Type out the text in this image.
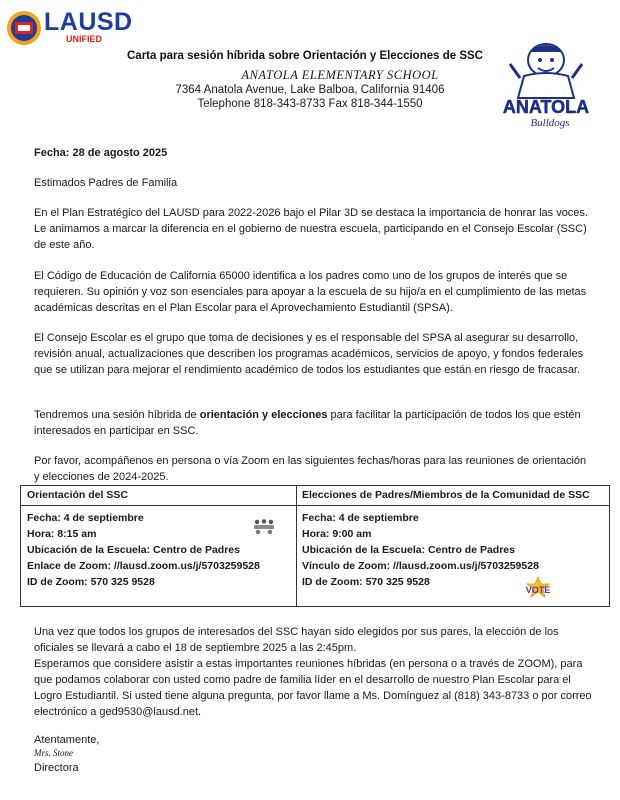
LAUSD
UNIFIED
Carta para sesión híbrida sobre Orientación y Elecciones de SSC
ANATOLA ELEMENTARY SCHOOL
7364 Anatola Avenue, Lake Balboa, California 91406
Telephone 818-343-8733 Fax 818-344-1550	ANATOLA
Bulldogs
Fecha: 28 de agosto 2025
Estimados Padres de Familia
En el Plan Estratégico del LAUSD para 2022-2026 bajo el Pilar 3D se destaca la importancia de honrar las voces. Le animamos a marcar la diferencia en el gobierno de nuestra escuela, participando en el Consejo Escolar (SSC) de este año.
El Código de Educación de California 65000 identifica a los padres como uno de los grupos de interés que se requieren. Su opinión y voz son esenciales para apoyar a la escuela de su hijo/a en el cumplimiento de las metas académicas descritas en el Plan Escolar para el Aprovechamiento Estudiantil (SPSA).
El Consejo Escolar es el grupo que toma de decisiones y es el responsable del SPSA al asegurar su desarrollo, revisión anual, actualizaciones que describen los programas académicos, servicios de apoyo, y fondos federales que se utilizan para mejorar el rendimiento académico de todos los estudiantes que están en riesgo de fracasar.
Tendremos una sesión híbrida de orientación y elecciones para facilitar la participación de todos los que estén interesados en participar en SSC.
Por favor, acompáñenos en persona o vía Zoom en las siguientes fechas/horas para las reuniones de orientación y elecciones de 2024-2025.
Orientación del SSC	Elecciones de Padres/Miembros de la Comunidad de SSC
Fecha: 4 de septiembre
Hora: 8:15 am
Ubicación de la Escuela: Centro de Padres
Enlace de Zoom: //lausd.zoom.us/j/5703259528
ID de Zoom: 570 325 9528
Fecha: 4 de septiembre
Hora: 9:00 am
Ubicación de la Escuela: Centro de Padres
Vínculo de Zoom: //lausd.zoom.us/j/5703259528
ID de Zoom: 570 325 9528
VOTE
Una vez que todos los grupos de interesados del SSC hayan sido elegidos por sus pares, la elección de los oficiales se llevará a cabo el 18 de septiembre 2025 a las 2:45pm.
Esperamos que considere asistir a estas importantes reuniones híbridas (en persona o a través de ZOOM), para que podamos colaborar con usted como padre de familia líder en el desarrollo de nuestro Plan Escolar para el Logro Estudiantil. Si usted tiene alguna pregunta, por favor llame a Ms. Domínguez al (818) 343-8733 o por correo electrónico a ged9530@lausd.net.
Atentamente,
Mrs. Stone
Directora
